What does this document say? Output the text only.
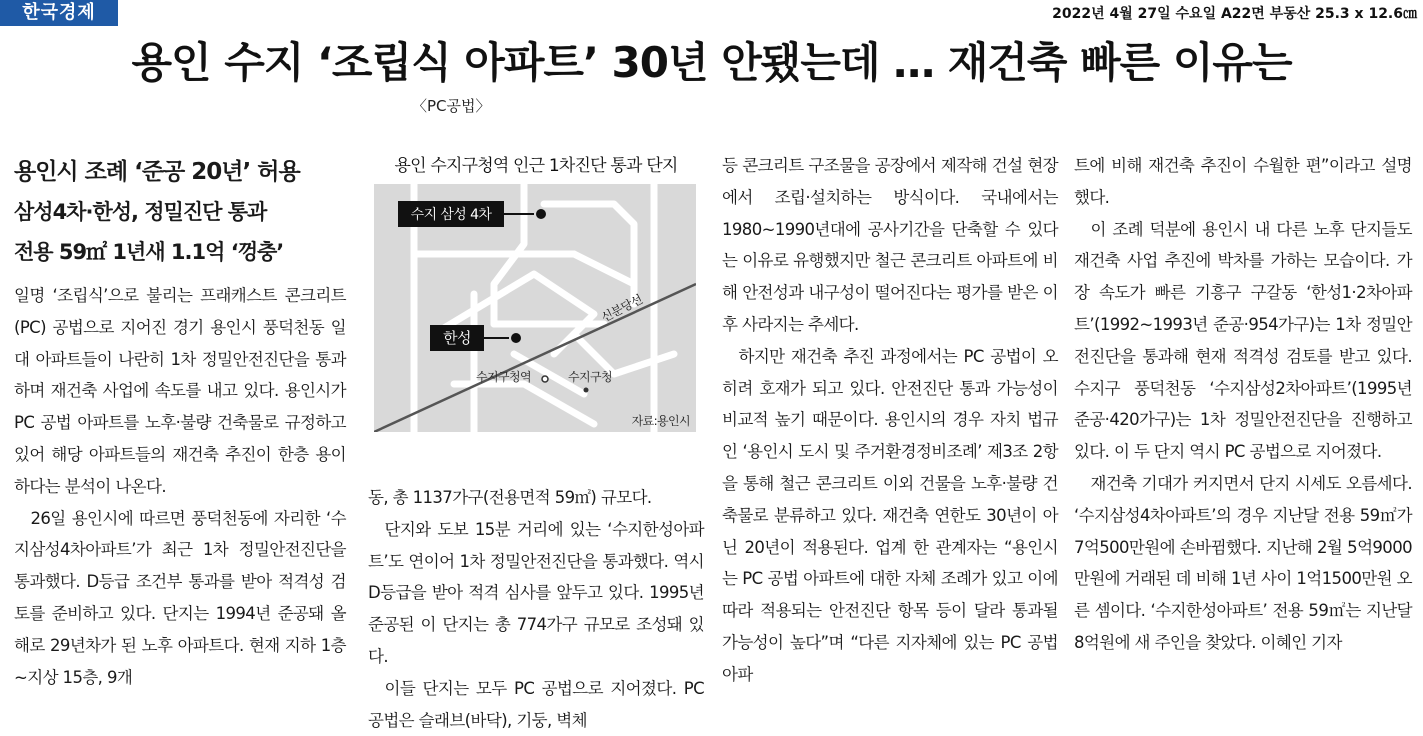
한국경제	2022년 4월 27일 수요일 A22면 부동산 25.3 x 12.6㎝
용인 수지 ‘조립식 아파트’ 30년 안됐는데 … 재건축 빠른 이유는
〈PC공법〉
용인시 조례 ‘준공 20년’ 허용
삼성4차·한성, 정밀진단 통과
전용 59㎡ 1년새 1.1억 ‘껑충’

일명 ‘조립식’으로 불리는 프래캐스트 콘크리트(PC) 공법으로 지어진 경기 용인시 풍덕천동 일대 아파트들이 나란히 1차 정밀안전진단을 통과하며 재건축 사업에 속도를 내고 있다. 용인시가 PC 공법 아파트를 노후·불량 건축물로 규정하고 있어 해당 아파트들의 재건축 추진이 한층 용이하다는 분석이 나온다.

26일 용인시에 따르면 풍덕천동에 자리한 ‘수지삼성4차아파트’가 최근 1차 정밀안전진단을 통과했다. D등급 조건부 통과를 받아 적격성 검토를 준비하고 있다. 단지는 1994년 준공돼 올해로 29년차가 된 노후 아파트다. 현재 지하 1층~지상 15층, 9개

용인 수지구청역 인근 1차진단 통과 단지
수지 삼성 4차
한성
수지구청역	수지구청
신분당선
자료:용인시

동, 총 1137가구(전용면적 59㎡) 규모다.

단지와 도보 15분 거리에 있는 ‘수지한성아파트’도 연이어 1차 정밀안전진단을 통과했다. 역시 D등급을 받아 적격 심사를 앞두고 있다. 1995년 준공된 이 단지는 총 774가구 규모로 조성돼 있다.

이들 단지는 모두 PC 공법으로 지어졌다. PC 공법은 슬래브(바닥), 기둥, 벽체

등 콘크리트 구조물을 공장에서 제작해 건설 현장에서 조립·설치하는 방식이다. 국내에서는 1980~1990년대에 공사기간을 단축할 수 있다는 이유로 유행했지만 철근 콘크리트 아파트에 비해 안전성과 내구성이 떨어진다는 평가를 받은 이후 사라지는 추세다.

하지만 재건축 추진 과정에서는 PC 공법이 오히려 호재가 되고 있다. 안전진단 통과 가능성이 비교적 높기 때문이다. 용인시의 경우 자치 법규인 ‘용인시 도시 및 주거환경정비조례’ 제3조 2항을 통해 철근 콘크리트 이외 건물을 노후·불량 건축물로 분류하고 있다. 재건축 연한도 30년이 아닌 20년이 적용된다. 업계 한 관계자는 “용인시는 PC 공법 아파트에 대한 자체 조례가 있고 이에 따라 적용되는 안전진단 항목 등이 달라 통과될 가능성이 높다”며 “다른 지자체에 있는 PC 공법 아파

트에 비해 재건축 추진이 수월한 편”이라고 설명했다.

이 조례 덕분에 용인시 내 다른 노후 단지들도 재건축 사업 추진에 박차를 가하는 모습이다. 가장 속도가 빠른 기흥구 구갈동 ‘한성1·2차아파트’(1992~1993년 준공·954가구)는 1차 정밀안전진단을 통과해 현재 적격성 검토를 받고 있다. 수지구 풍덕천동 ‘수지삼성2차아파트’(1995년 준공·420가구)는 1차 정밀안전진단을 진행하고 있다. 이 두 단지 역시 PC 공법으로 지어졌다.

재건축 기대가 커지면서 단지 시세도 오름세다. ‘수지삼성4차아파트’의 경우 지난달 전용 59㎡가 7억500만원에 손바뀜했다. 지난해 2월 5억9000만원에 거래된 데 비해 1년 사이 1억1500만원 오른 셈이다. ‘수지한성아파트’ 전용 59㎡는 지난달 8억원에 새 주인을 찾았다. 이혜인 기자
